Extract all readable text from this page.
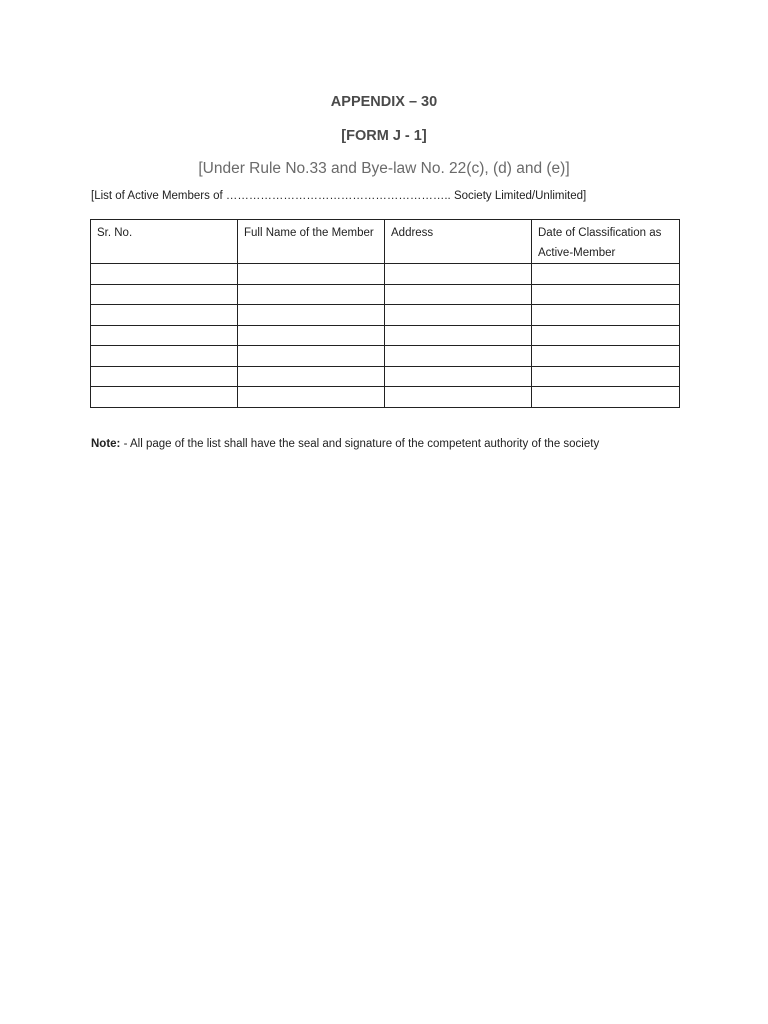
APPENDIX – 30
[FORM J - 1]
[Under Rule No.33 and Bye-law No. 22(c), (d) and (e)]
[List of Active Members of ………………………………………………….. Society Limited/Unlimited]
Sr. No.	Full Name of the Member	Address	Date of Classification as Active-Member

Note: - All page of the list shall have the seal and signature of the competent authority of the society
